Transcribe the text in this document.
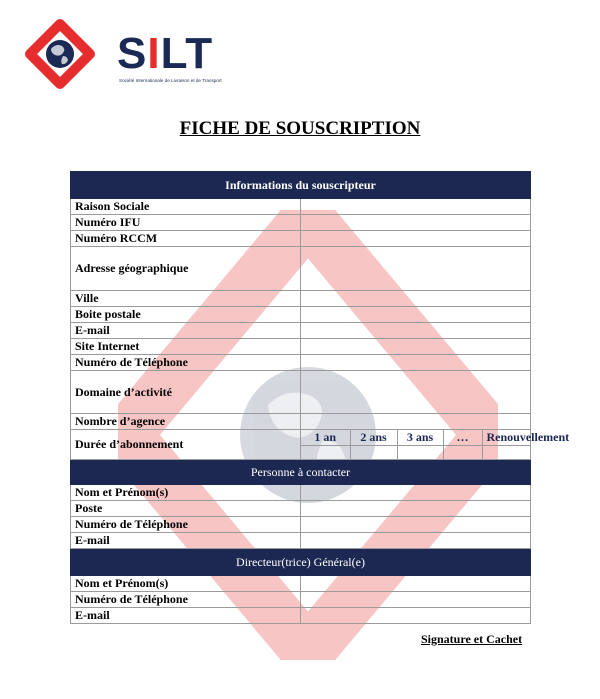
SILT
Société Internationale de Livraison et de Transport
FICHE DE SOUSCRIPTION
Informations du souscripteur
Raison Sociale	
Numéro IFU	
Numéro RCCM	
Adresse géographique	
Ville	
Boite postale	
E-mail	
Site Internet	
Numéro de Téléphone	
Domaine d’activité	
Nombre d’agence	
Durée d’abonnement		1 an	2 ans	3 ans	…	Renouvellement

Personne à contacter
Nom et Prénom(s)	
Poste	
Numéro de Téléphone	
E-mail	
Directeur(trice) Général(e)
Nom et Prénom(s)	
Numéro de Téléphone	
E-mail	
Signature et Cachet
